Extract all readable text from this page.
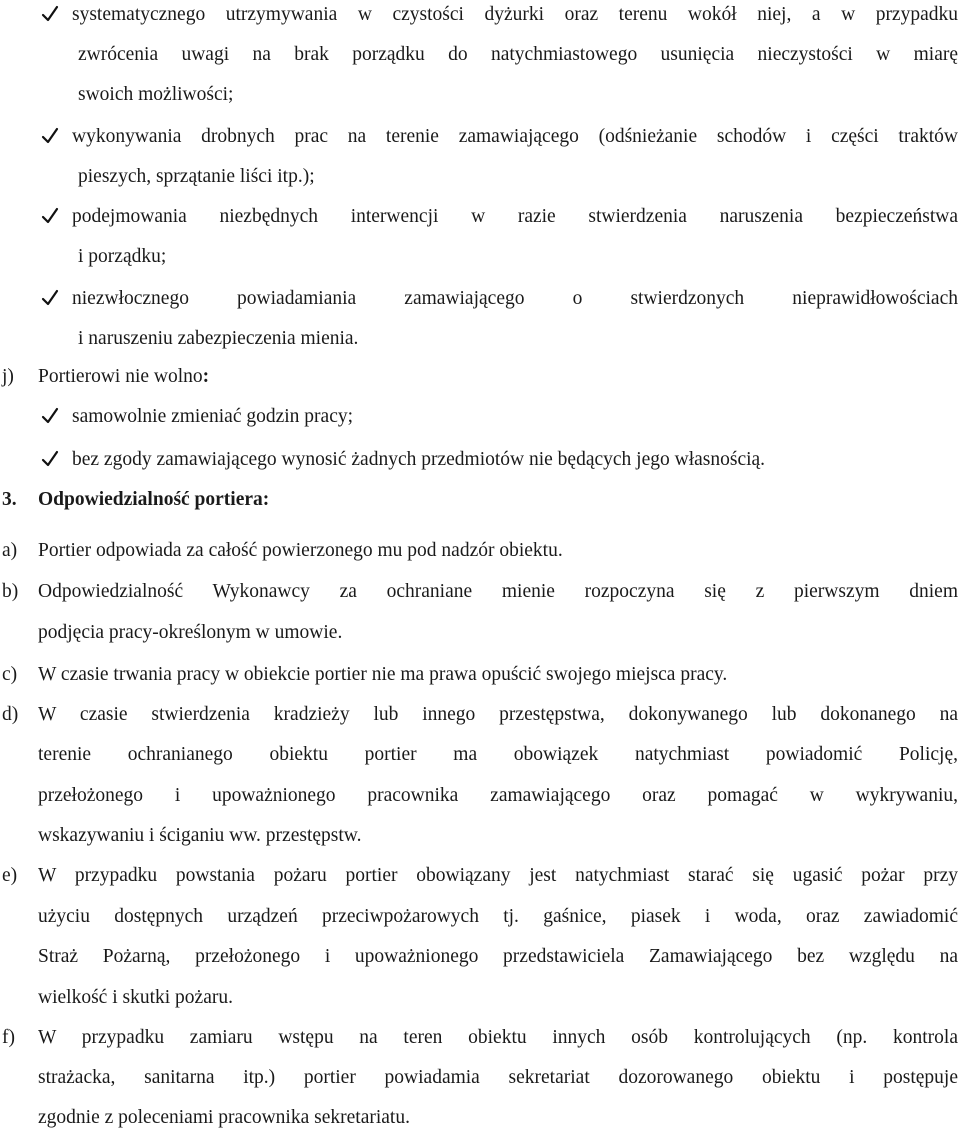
systematycznego utrzymywania w czystości dyżurki oraz terenu wokół niej, a w przypadku
zwrócenia uwagi na brak porządku do natychmiastowego usunięcia nieczystości w miarę
swoich możliwości;
wykonywania drobnych prac na terenie zamawiającego (odśnieżanie schodów i części traktów
pieszych, sprzątanie liści itp.);
podejmowania niezbędnych interwencji w razie stwierdzenia naruszenia bezpieczeństwa
i porządku;
niezwłocznego powiadamiania zamawiającego o stwierdzonych nieprawidłowościach
i naruszeniu zabezpieczenia mienia.
j) Portierowi nie wolno:
samowolnie zmieniać godzin pracy;
bez zgody zamawiającego wynosić żadnych przedmiotów nie będących jego własnością.
3. Odpowiedzialność portiera:
a) Portier odpowiada za całość powierzonego mu pod nadzór obiektu.
b) Odpowiedzialność Wykonawcy za ochraniane mienie rozpoczyna się z pierwszym dniem
podjęcia pracy-określonym w umowie.
c) W czasie trwania pracy w obiekcie portier nie ma prawa opuścić swojego miejsca pracy.
d) W czasie stwierdzenia kradzieży lub innego przestępstwa, dokonywanego lub dokonanego na
terenie ochranianego obiektu portier ma obowiązek natychmiast powiadomić Policję,
przełożonego i upoważnionego pracownika zamawiającego oraz pomagać w wykrywaniu,
wskazywaniu i ściganiu ww. przestępstw.
e) W przypadku powstania pożaru portier obowiązany jest natychmiast starać się ugasić pożar przy
użyciu dostępnych urządzeń przeciwpożarowych tj. gaśnice, piasek i woda, oraz zawiadomić
Straż Pożarną, przełożonego i upoważnionego przedstawiciela Zamawiającego bez względu na
wielkość i skutki pożaru.
f) W przypadku zamiaru wstępu na teren obiektu innych osób kontrolujących (np. kontrola
strażacka, sanitarna itp.) portier powiadamia sekretariat dozorowanego obiektu i postępuje
zgodnie z poleceniami pracownika sekretariatu.
